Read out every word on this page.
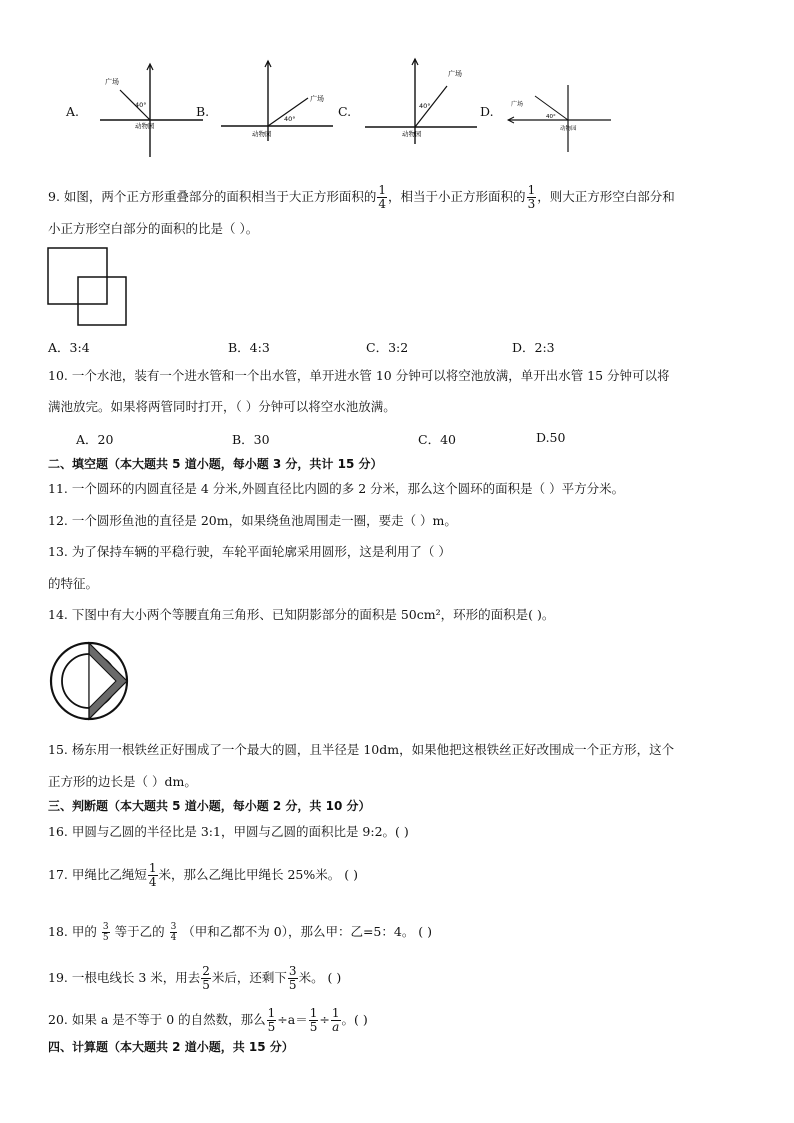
A.
广场
40°
动物园
B.
广场
40°
动物园
C.
广场
40°
动物园
D.	广场
40°
动物园
9. 如图，两个正方形重叠部分的面积相当于大正方形面积的 $\frac{1}{4}$ ，相当于小正方形面积的 $\frac{1}{3}$ ，则大正方形空白部分和
小正方形空白部分的面积的比是（ ）。
A．3:4	B．4:3	C．3:2	D．2:3
10. 一个水池，装有一个进水管和一个出水管，单开进水管 10 分钟可以将空池放满，单开出水管 15 分钟可以将
满池放完。如果将两管同时打开，（ ）分钟可以将空水池放满。
A．20	B．30	C．40	D.50
二、填空题（本大题共 5 道小题，每小题 3 分，共计 15 分）
11. 一个圆环的内圆直径是 4 分米,外圆直径比内圆的多 2 分米，那么这个圆环的面积是（ ）平方分米。
12. 一个圆形鱼池的直径是 20m，如果绕鱼池周围走一圈，要走（ ）m。
13. 为了保持车辆的平稳行驶，车轮平面轮廓采用圆形，这是利用了（ ）
的特征。
14. 下图中有大小两个等腰直角三角形、已知阴影部分的面积是 50cm²，环形的面积是( )。
15. 杨东用一根铁丝正好围成了一个最大的圆，且半径是 10dm，如果他把这根铁丝正好改围成一个正方形，这个
正方形的边长是（ ）dm。
三、判断题（本大题共 5 道小题，每小题 2 分，共 10 分）
16. 甲圆与乙圆的半径比是 3:1，甲圆与乙圆的面积比是 9:2。( )
17. 甲绳比乙绳短 $\frac{1}{4}$ 米，那么乙绳比甲绳长 25%米。 ( )
18. 甲的 $\frac{3}{5}$ 等于乙的 $\frac{3}{4}$ （甲和乙都不为 0），那么甲：乙=5：4。 ( )
19. 一根电线长 3 米，用去 $\frac{2}{5}$ 米后，还剩下 $\frac{3}{5}$ 米。 ( )
20. 如果 a 是不等于 0 的自然数，那么 $\frac{1}{5} \div a= \frac{1}{5} \div \frac{1}{a}$ 。( )
四、计算题（本大题共 2 道小题，共 15 分）
